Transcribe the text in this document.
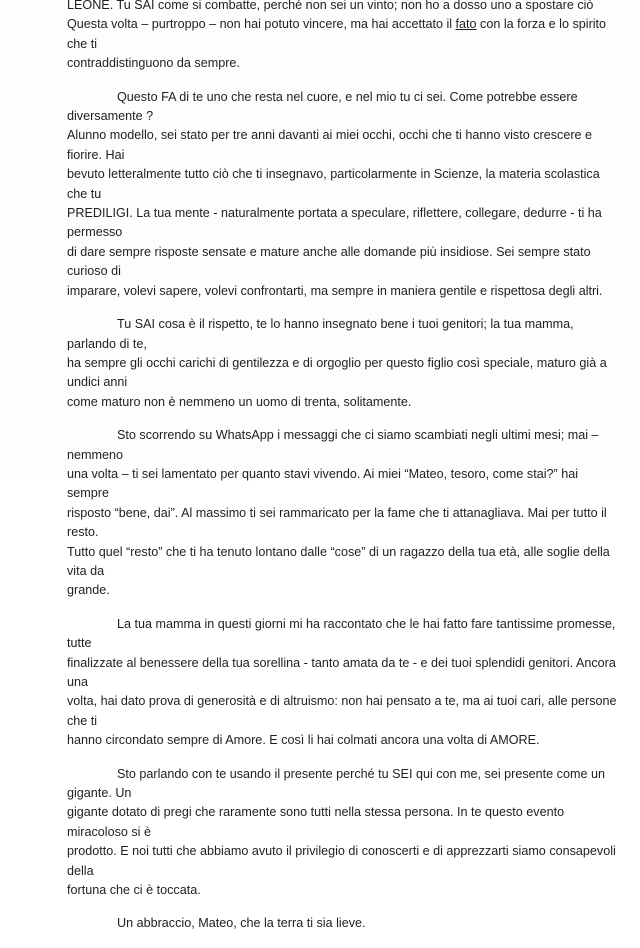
LEONE. Tu SAI come si combatte, perché non sei un vinto; non ho a dosso uno a spostare ciò

Questa volta – purtroppo – non hai potuto vincere, ma hai accettato il fato con la forza e lo spirito che ti

contraddistinguono da sempre.

Questo FA di te uno che resta nel cuore, e nel mio tu ci sei. Come potrebbe essere diversamente ?

Alunno modello, sei stato per tre anni davanti ai miei occhi, occhi che ti hanno visto crescere e fiorire. Hai

bevuto letteralmente tutto ciò che ti insegnavo, particolarmente in Scienze, la materia scolastica che tu

PREDILIGI. La tua mente - naturalmente portata a speculare, riflettere, collegare, dedurre - ti ha permesso

di dare sempre risposte sensate e mature anche alle domande più insidiose. Sei sempre stato curioso di

imparare, volevi sapere, volevi confrontarti, ma sempre in maniera gentile e rispettosa degli altri.

Tu SAI cosa è il rispetto, te lo hanno insegnato bene i tuoi genitori; la tua mamma, parlando di te,

ha sempre gli occhi carichi di gentilezza e di orgoglio per questo figlio così speciale, maturo già a undici anni

come maturo non è nemmeno un uomo di trenta, solitamente.

Sto scorrendo su WhatsApp i messaggi che ci siamo scambiati negli ultimi mesi; mai – nemmeno

una volta – ti sei lamentato per quanto stavi vivendo. Ai miei “Mateo, tesoro, come stai?” hai sempre

risposto “bene, dai”. Al massimo ti sei rammaricato per la fame che ti attanagliava. Mai per tutto il resto.

Tutto quel “resto” che ti ha tenuto lontano dalle “cose” di un ragazzo della tua età, alle soglie della vita da

grande.

La tua mamma in questi giorni mi ha raccontato che le hai fatto fare tantissime promesse, tutte

finalizzate al benessere della tua sorellina - tanto amata da te - e dei tuoi splendidi genitori. Ancora una

volta, hai dato prova di generosità e di altruismo: non hai pensato a te, ma ai tuoi cari, alle persone che ti

hanno circondato sempre di Amore. E così li hai colmati ancora una volta di AMORE.

Sto parlando con te usando il presente perché tu SEI qui con me, sei presente come un gigante. Un

gigante dotato di pregi che raramente sono tutti nella stessa persona. In te questo evento miracoloso si è

prodotto. E noi tutti che abbiamo avuto il privilegio di conoscerti e di apprezzarti siamo consapevoli della

fortuna che ci è toccata.

Un abbraccio, Mateo, che la terra ti sia lieve.
